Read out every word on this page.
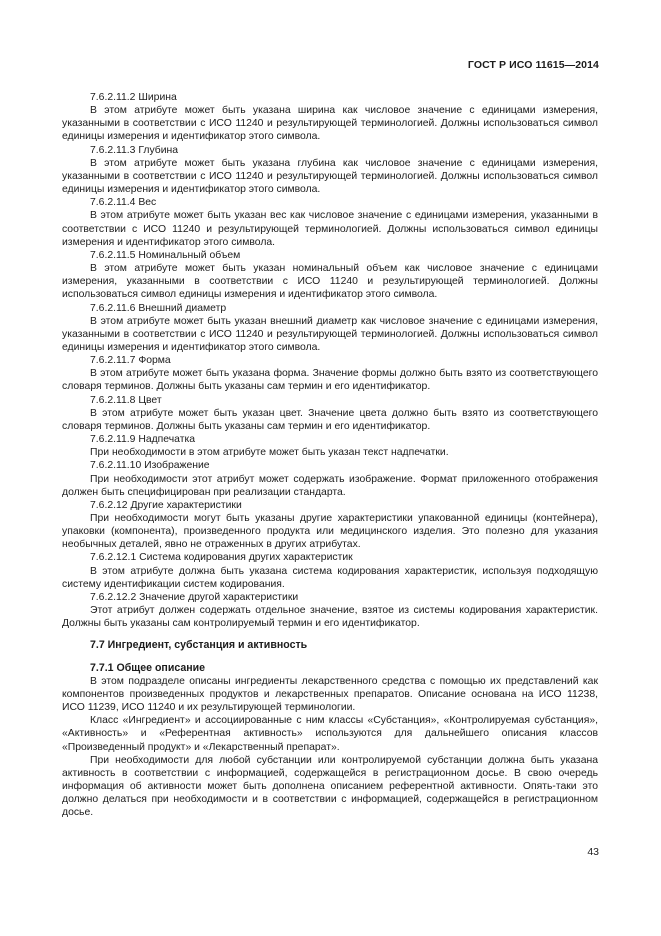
ГОСТ Р ИСО 11615—2014

7.6.2.11.2 Ширина

В этом атрибуте может быть указана ширина как числовое значение с единицами измерения, указанными в соответствии с ИСО 11240 и результирующей терминологией. Должны использоваться символ единицы измерения и идентификатор этого символа.

7.6.2.11.3 Глубина

В этом атрибуте может быть указана глубина как числовое значение с единицами измерения, указанными в соответствии с ИСО 11240 и результирующей терминологией. Должны использоваться символ единицы измерения и идентификатор этого символа.

7.6.2.11.4 Вес

В этом атрибуте может быть указан вес как числовое значение с единицами измерения, указанными в соответствии с ИСО 11240 и результирующей терминологией. Должны использоваться символ единицы измерения и идентификатор этого символа.

7.6.2.11.5 Номинальный объем

В этом атрибуте может быть указан номинальный объем как числовое значение с единицами измерения, указанными в соответствии с ИСО 11240 и результирующей терминологией. Должны использоваться символ единицы измерения и идентификатор этого символа.

7.6.2.11.6 Внешний диаметр

В этом атрибуте может быть указан внешний диаметр как числовое значение с единицами измерения, указанными в соответствии с ИСО 11240 и результирующей терминологией. Должны использоваться символ единицы измерения и идентификатор этого символа.

7.6.2.11.7 Форма

В этом атрибуте может быть указана форма. Значение формы должно быть взято из соответствующего словаря терминов. Должны быть указаны сам термин и его идентификатор.

7.6.2.11.8 Цвет

В этом атрибуте может быть указан цвет. Значение цвета должно быть взято из соответствующего словаря терминов. Должны быть указаны сам термин и его идентификатор.

7.6.2.11.9 Надпечатка

При необходимости в этом атрибуте может быть указан текст надпечатки.

7.6.2.11.10 Изображение

При необходимости этот атрибут может содержать изображение. Формат приложенного отображения должен быть специфицирован при реализации стандарта.

7.6.2.12 Другие характеристики

При необходимости могут быть указаны другие характеристики упакованной единицы (контейнера), упаковки (компонента), произведенного продукта или медицинского изделия. Это полезно для указания необычных деталей, явно не отраженных в других атрибутах.

7.6.2.12.1 Система кодирования других характеристик

В этом атрибуте должна быть указана система кодирования характеристик, используя подходящую систему идентификации систем кодирования.

7.6.2.12.2 Значение другой характеристики

Этот атрибут должен содержать отдельное значение, взятое из системы кодирования характеристик. Должны быть указаны сам контролируемый термин и его идентификатор.

7.7 Ингредиент, субстанция и активность

7.7.1 Общее описание

В этом подразделе описаны ингредиенты лекарственного средства с помощью их представлений как компонентов произведенных продуктов и лекарственных препаратов. Описание основана на ИСО 11238, ИСО 11239, ИСО 11240 и их результирующей терминологии.

Класс «Ингредиент» и ассоциированные с ним классы «Субстанция», «Контролируемая субстанция», «Активность» и «Референтная активность» используются для дальнейшего описания классов «Произведенный продукт» и «Лекарственный препарат».

При необходимости для любой субстанции или контролируемой субстанции должна быть указана активность в соответствии с информацией, содержащейся в регистрационном досье. В свою очередь информация об активности может быть дополнена описанием референтной активности. Опять-таки это должно делаться при необходимости и в соответствии с информацией, содержащейся в регистрационном досье.

43
